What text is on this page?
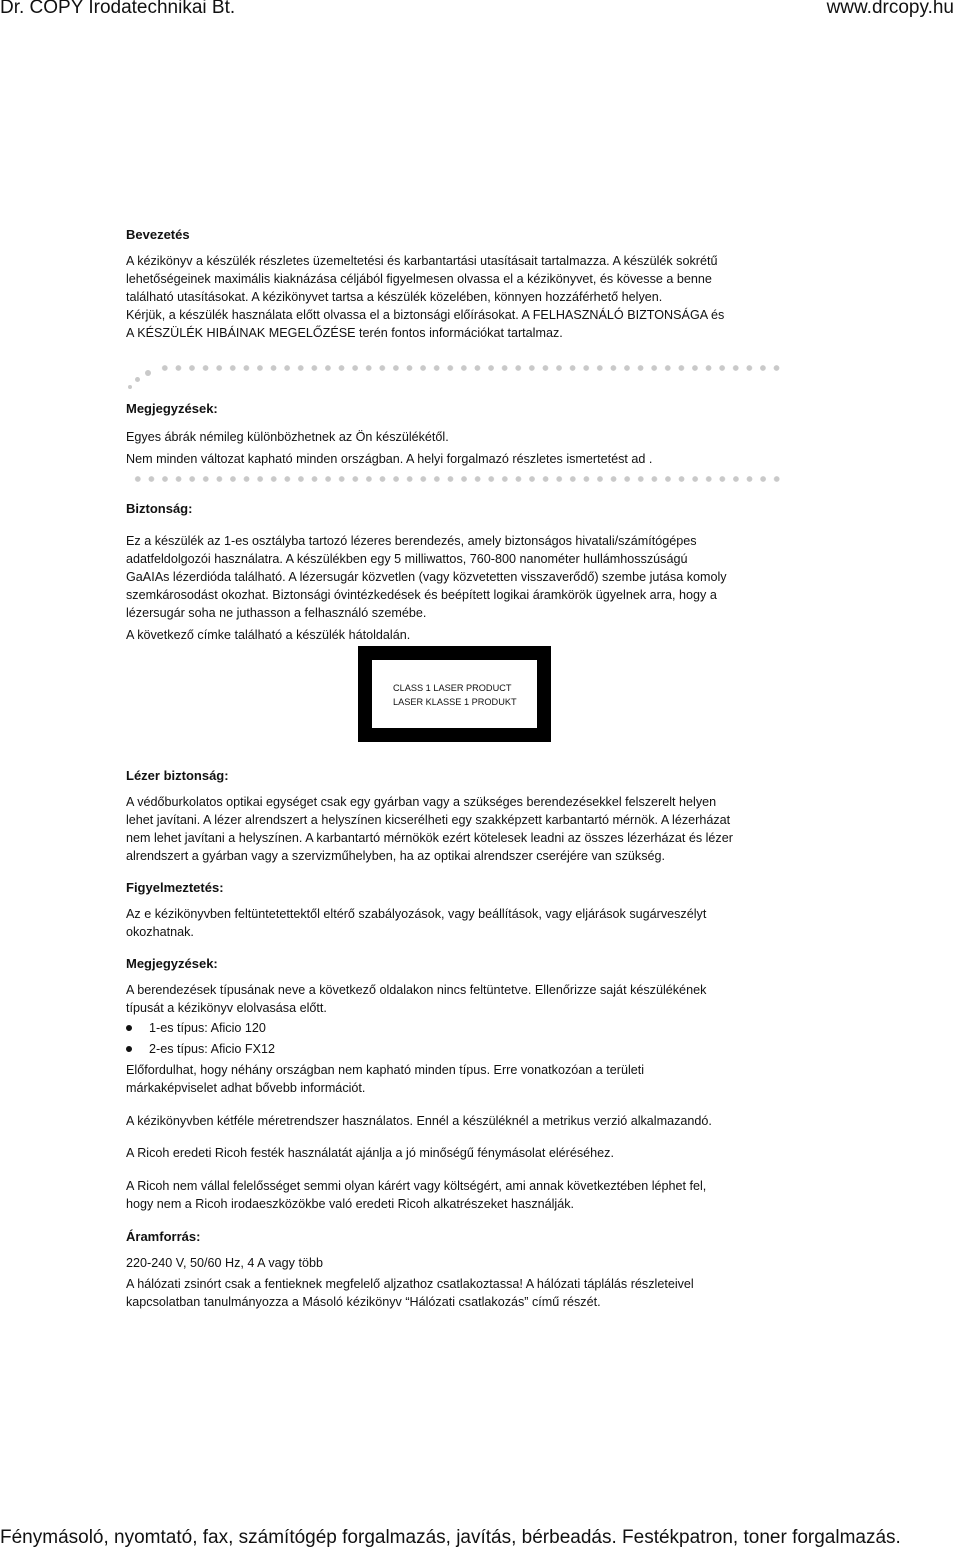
Dr. COPY Irodatechnikai Bt.	www.drcopy.hu

Bevezetés

A kézikönyv a készülék részletes üzemeltetési és karbantartási utasításait tartalmazza. A készülék sokrétű

lehetőségeinek maximális kiaknázása céljából figyelmesen olvassa el a kézikönyvet, és kövesse a benne

található utasításokat. A kézikönyvet tartsa a készülék közelében, könnyen hozzáférhető helyen.

Kérjük, a készülék használata előtt olvassa el a biztonsági előírásokat. A FELHASZNÁLÓ BIZTONSÁGA és

A KÉSZÜLÉK HIBÁINAK MEGELŐZÉSE terén fontos információkat tartalmaz.

Megjegyzések:

Egyes ábrák némileg különbözhetnek az Ön készülékétől.

Nem minden változat kapható minden országban. A helyi forgalmazó részletes ismertetést ad .

Biztonság:

Ez a készülék az 1-es osztályba tartozó lézeres berendezés, amely biztonságos hivatali/számítógépes

adatfeldolgozói használatra. A készülékben egy 5 milliwattos, 760-800 nanométer hullámhosszúságú

GaAIAs lézerdióda található. A lézersugár közvetlen (vagy közvetetten visszaverődő) szembe jutása komoly

szemkárosodást okozhat. Biztonsági óvintézkedések és beépített logikai áramkörök ügyelnek arra, hogy a

lézersugár soha ne juthasson a felhasználó szemébe.

A következő címke található a készülék hátoldalán.

CLASS 1 LASER PRODUCT
LASER KLASSE 1 PRODUKT

Lézer biztonság:

A védőburkolatos optikai egységet csak egy gyárban vagy a szükséges berendezésekkel felszerelt helyen

lehet javítani. A lézer alrendszert a helyszínen kicserélheti egy szakképzett karbantartó mérnök. A lézerházat

nem lehet javítani a helyszínen. A karbantartó mérnökök ezért kötelesek leadni az összes lézerházat és lézer

alrendszert a gyárban vagy a szervizműhelyben, ha az optikai alrendszer cseréjére van szükség.

Figyelmeztetés:

Az e kézikönyvben feltüntetettektől eltérő szabályozások, vagy beállítások, vagy eljárások sugárveszélyt

okozhatnak.

Megjegyzések:

A berendezések típusának neve a következő oldalakon nincs feltüntetve. Ellenőrizze saját készülékének

típusát a kézikönyv elolvasása előtt.

1-es típus: Aficio 120
2-es típus: Aficio FX12

Előfordulhat, hogy néhány országban nem kapható minden típus. Erre vonatkozóan a területi

márkaképviselet adhat bővebb információt.

A kézikönyvben kétféle méretrendszer használatos. Ennél a készüléknél a metrikus verzió alkalmazandó.
A Ricoh eredeti Ricoh festék használatát ajánlja a jó minőségű fénymásolat eléréséhez.

A Ricoh nem vállal felelősséget semmi olyan kárért vagy költségért, ami annak következtében léphet fel,

hogy nem a Ricoh irodaeszközökbe való eredeti Ricoh alkatrészeket használják.

Áramforrás:

220-240 V, 50/60 Hz, 4 A vagy több

A hálózati zsinórt csak a fentieknek megfelelő aljzathoz csatlakoztassa! A hálózati táplálás részleteivel

kapcsolatban tanulmányozza a Másoló kézikönyv “Hálózati csatlakozás” című részét.

Fénymásoló, nyomtató, fax, számítógép forgalmazás, javítás, bérbeadás. Festékpatron, toner forgalmazás.
